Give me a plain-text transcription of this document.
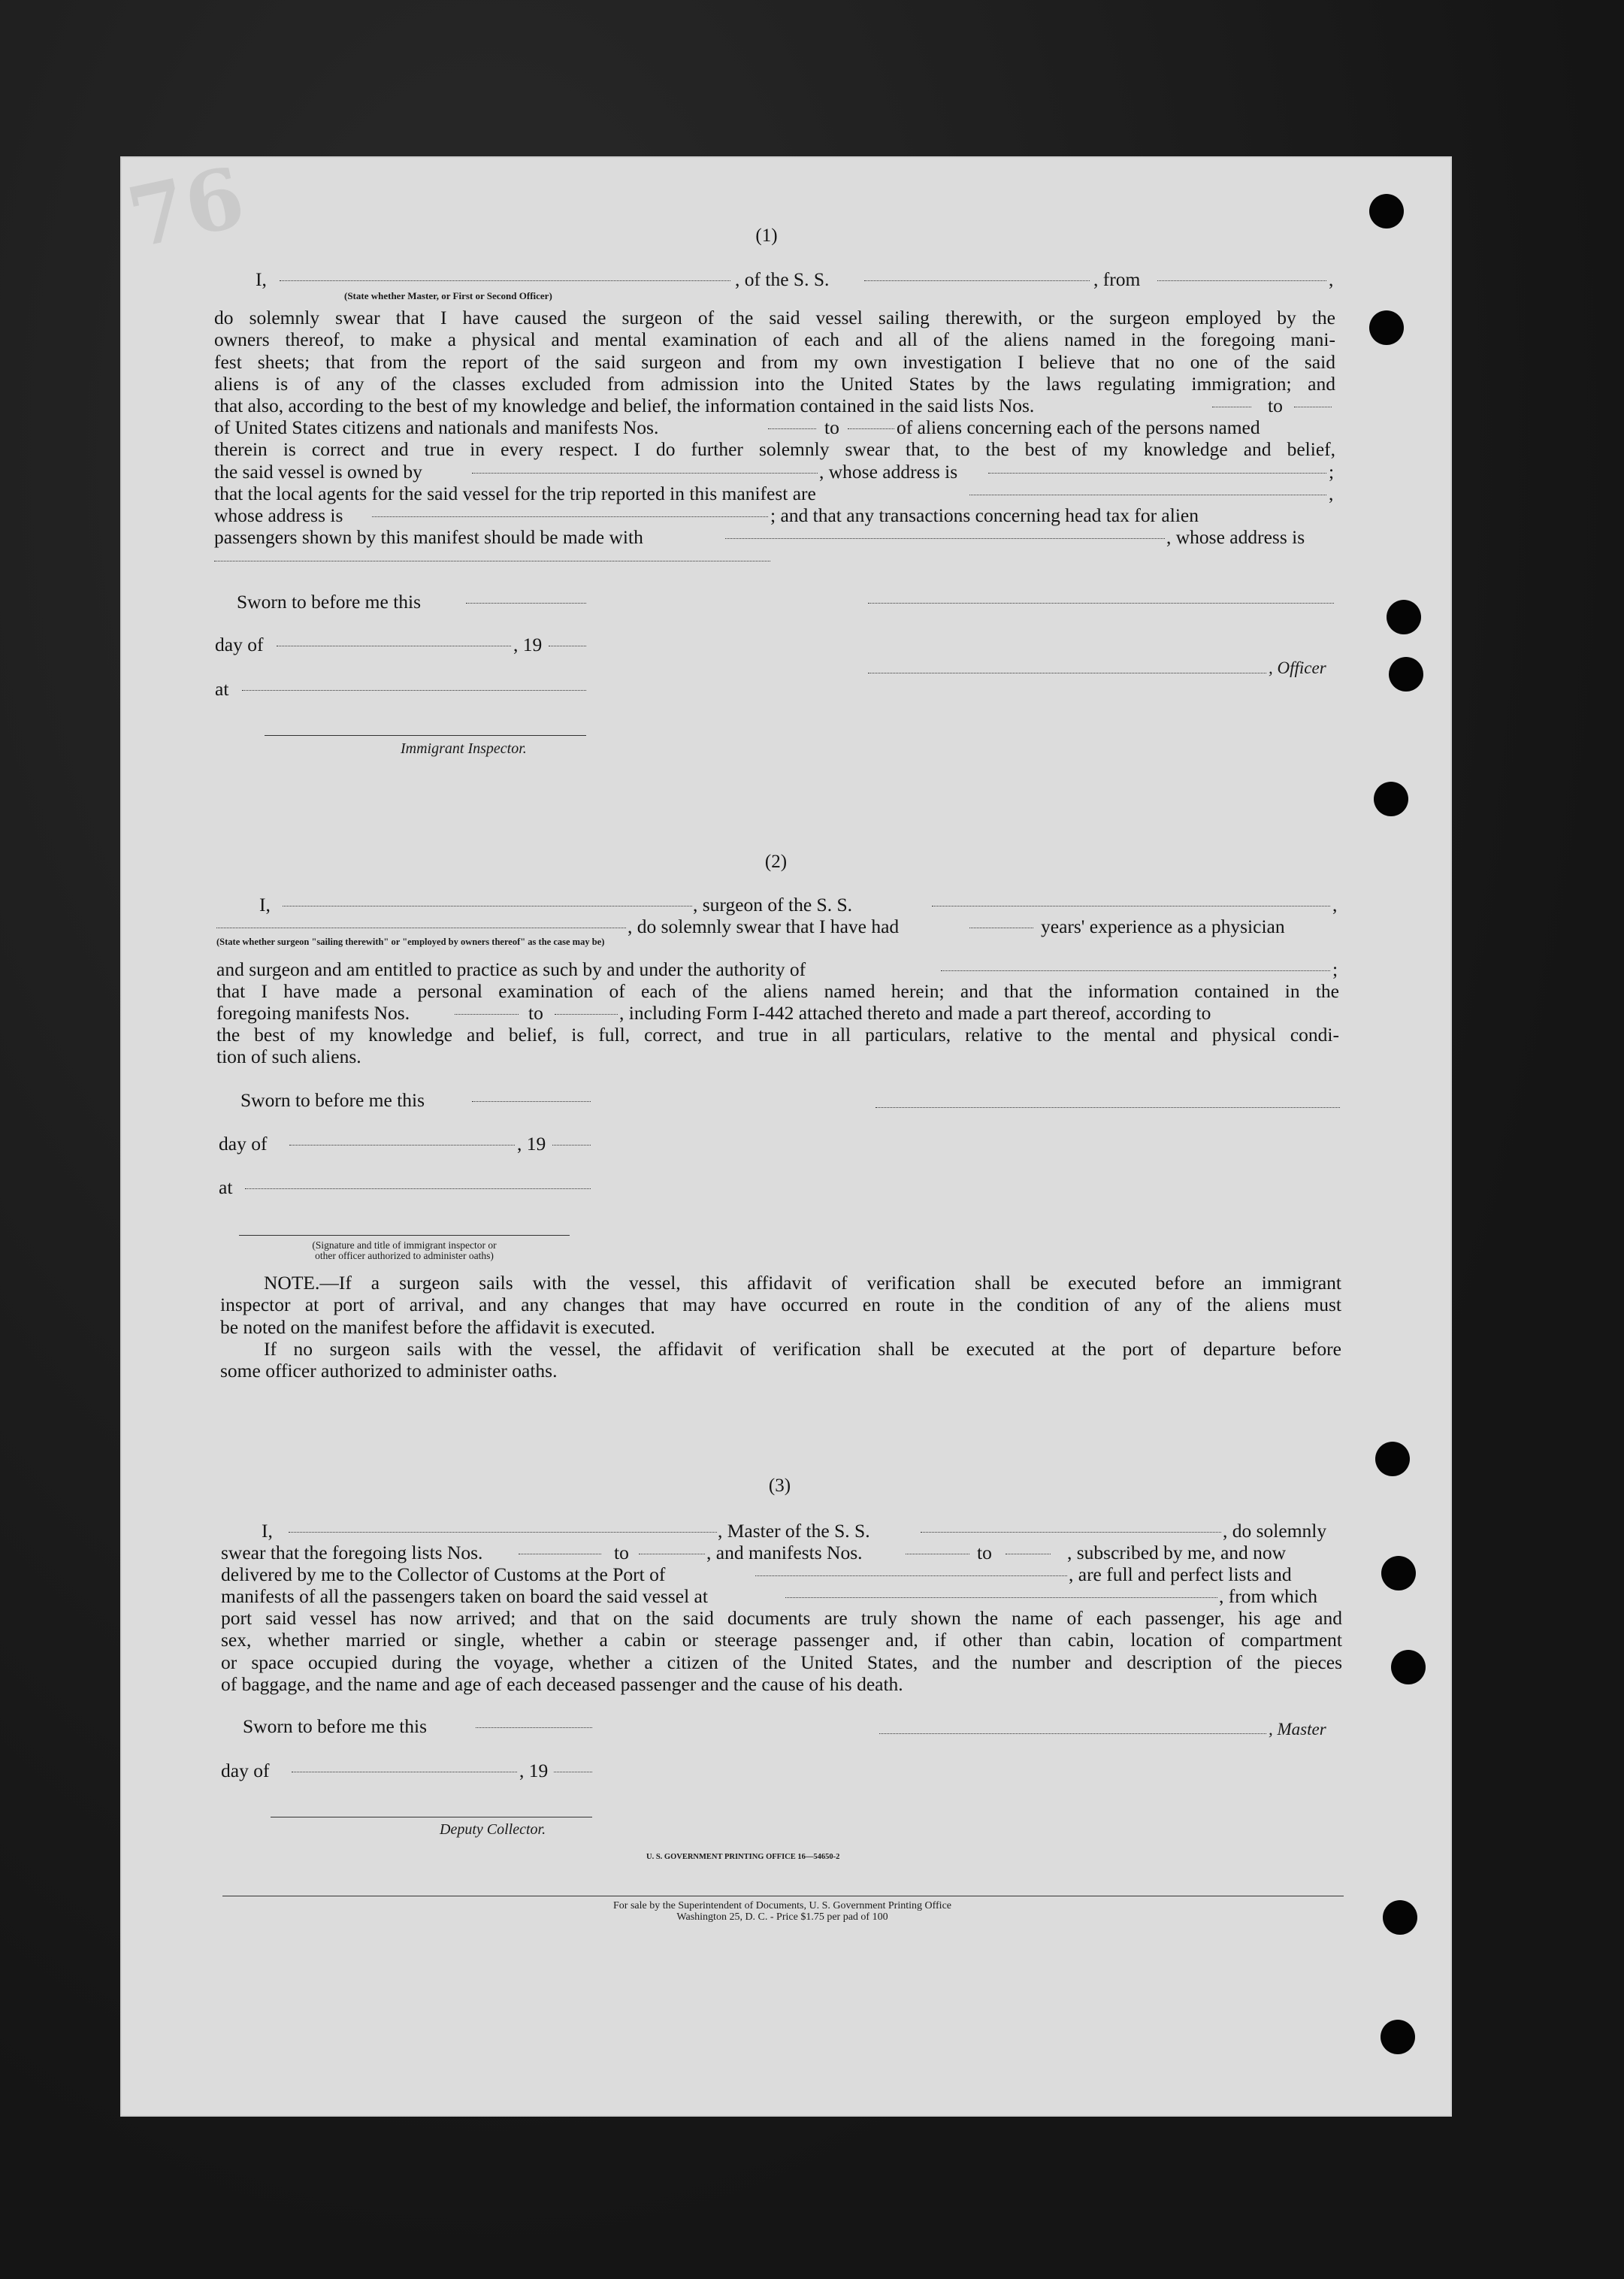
76	(1)
I,	, of the S. S.	, from	,
(State whether Master, or First or Second Officer)
do solemnly swear that I have caused the surgeon of the said vessel sailing therewith, or the surgeon employed by the
owners thereof, to make a physical and mental examination of each and all of the aliens named in the foregoing mani-
fest sheets; that from the report of the said surgeon and from my own investigation I believe that no one of the said
aliens is of any of the classes excluded from admission into the United States by the laws regulating immigration; and
that also, according to the best of my knowledge and belief, the information contained in the said lists Nos.	to
of United States citizens and nationals and manifests Nos.	to	of aliens concerning each of the persons named
therein is correct and true in every respect. I do further solemnly swear that, to the best of my knowledge and belief,
the said vessel is owned by	, whose address is	;
that the local agents for the said vessel for the trip reported in this manifest are	,
whose address is	; and that any transactions concerning head tax for alien
passengers shown by this manifest should be made with	, whose address is
Sworn to before me this
day of	, 19
, Officer
at
Immigrant Inspector.
(2)
I,	, surgeon of the S. S.	,
, do solemnly swear that I have had	years' experience as a physician
(State whether surgeon "sailing therewith" or "employed by owners thereof" as the case may be)
and surgeon and am entitled to practice as such by and under the authority of	;
that I have made a personal examination of each of the aliens named herein; and that the information contained in the
foregoing manifests Nos.	to	, including Form I-442 attached thereto and made a part thereof, according to
the best of my knowledge and belief, is full, correct, and true in all particulars, relative to the mental and physical condi-
tion of such aliens.
Sworn to before me this
day of	, 19
at
(Signature and title of immigrant inspector or
other officer authorized to administer oaths)
NOTE.—If a surgeon sails with the vessel, this affidavit of verification shall be executed before an immigrant
inspector at port of arrival, and any changes that may have occurred en route in the condition of any of the aliens must
be noted on the manifest before the affidavit is executed.
If no surgeon sails with the vessel, the affidavit of verification shall be executed at the port of departure before
some officer authorized to administer oaths.
(3)
I,	, Master of the S. S.	, do solemnly
swear that the foregoing lists Nos.	to	, and manifests Nos.	to	, subscribed by me, and now
delivered by me to the Collector of Customs at the Port of	, are full and perfect lists and
manifests of all the passengers taken on board the said vessel at	, from which
port said vessel has now arrived; and that on the said documents are truly shown the name of each passenger, his age and
sex, whether married or single, whether a cabin or steerage passenger and, if other than cabin, location of compartment
or space occupied during the voyage, whether a citizen of the United States, and the number and description of the pieces
of baggage, and the name and age of each deceased passenger and the cause of his death.
Sworn to before me this	, Master
day of	, 19
Deputy Collector.
U. S. GOVERNMENT PRINTING OFFICE 16—54650-2
For sale by the Superintendent of Documents, U. S. Government Printing Office
Washington 25, D. C. - Price $1.75 per pad of 100
